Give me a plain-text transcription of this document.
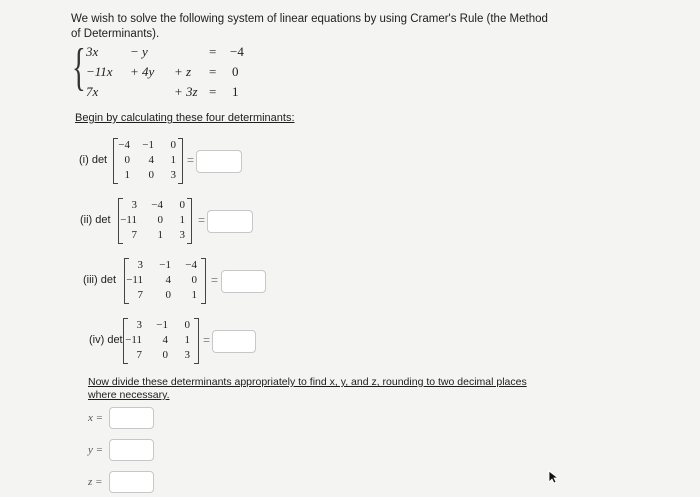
We wish to solve the following system of linear equations by using Cramer's Rule (the Method of Determinants).
{ 3x − y	= −4
−11x + 4y + z = 0
7x	+ 3z = 1
Begin by calculating these four determinants:
(i) det
−4	−1	0
0	4	1
1	0	3
=
(ii) det
3	−4	0
−11	0	1
7	1	3
=
(iii) det
3	−1	−4
−11	4	0
7	0	1
=
(iv) det
3	−1	0
−11	4	1
7	0	3
=
Now divide these determinants appropriately to find x, y, and z, rounding to two decimal places where necessary.
x =
y =
z =
